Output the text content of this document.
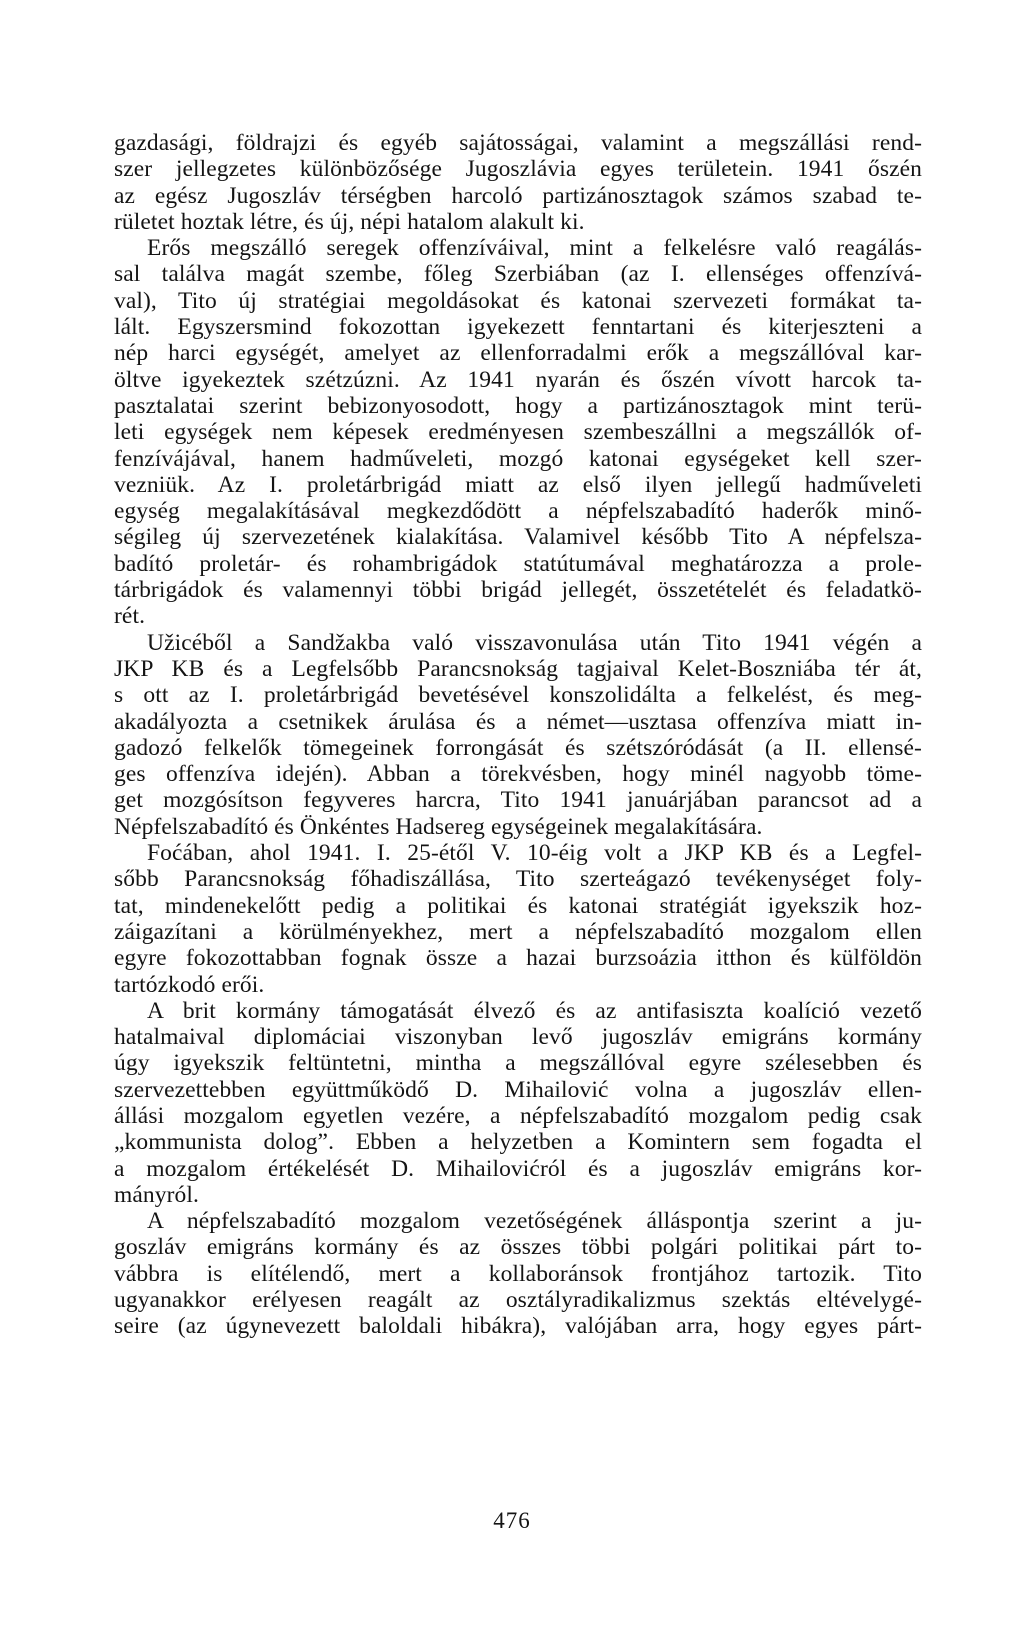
gazdasági, földrajzi és egyéb sajátosságai, valamint a megszállási rend-
szer jellegzetes különbözősége Jugoszlávia egyes területein. 1941 őszén
az egész Jugoszláv térségben harcoló partizánosztagok számos szabad te-
rületet hoztak létre, és új, népi hatalom alakult ki.
Erős megszálló seregek offenzíváival, mint a felkelésre való reagálás-
sal találva magát szembe, főleg Szerbiában (az I. ellenséges offenzívá-
val), Tito új stratégiai megoldásokat és katonai szervezeti formákat ta-
lált. Egyszersmind fokozottan igyekezett fenntartani és kiterjeszteni a
nép harci egységét, amelyet az ellenforradalmi erők a megszállóval kar-
öltve igyekeztek szétzúzni. Az 1941 nyarán és őszén vívott harcok ta-
pasztalatai szerint bebizonyosodott, hogy a partizánosztagok mint terü-
leti egységek nem képesek eredményesen szembeszállni a megszállók of-
fenzívájával, hanem hadműveleti, mozgó katonai egységeket kell szer-
vezniük. Az I. proletárbrigád miatt az első ilyen jellegű hadműveleti
egység megalakításával megkezdődött a népfelszabadító haderők minő-
ségileg új szervezetének kialakítása. Valamivel később Tito A népfelsza-
badító proletár- és rohambrigádok statútumával meghatározza a prole-
tárbrigádok és valamennyi többi brigád jellegét, összetételét és feladatkö-
rét.
Užicéből a Sandžakba való visszavonulása után Tito 1941 végén a
JKP KB és a Legfelsőbb Parancsnokság tagjaival Kelet-Boszniába tér át,
s ott az I. proletárbrigád bevetésével konszolidálta a felkelést, és meg-
akadályozta a csetnikek árulása és a német—usztasa offenzíva miatt in-
gadozó felkelők tömegeinek forrongását és szétszóródását (a II. ellensé-
ges offenzíva idején). Abban a törekvésben, hogy minél nagyobb töme-
get mozgósítson fegyveres harcra, Tito 1941 januárjában parancsot ad a
Népfelszabadító és Önkéntes Hadsereg egységeinek megalakítására.
Foćában, ahol 1941. I. 25-étől V. 10-éig volt a JKP KB és a Legfel-
sőbb Parancsnokság főhadiszállása, Tito szerteágazó tevékenységet foly-
tat, mindenekelőtt pedig a politikai és katonai stratégiát igyekszik hoz-
záigazítani a körülményekhez, mert a népfelszabadító mozgalom ellen
egyre fokozottabban fognak össze a hazai burzsoázia itthon és külföldön
tartózkodó erői.
A brit kormány támogatását élvező és az antifasiszta koalíció vezető
hatalmaival diplomáciai viszonyban levő jugoszláv emigráns kormány
úgy igyekszik feltüntetni, mintha a megszállóval egyre szélesebben és
szervezettebben együttműködő D. Mihailović volna a jugoszláv ellen-
állási mozgalom egyetlen vezére, a népfelszabadító mozgalom pedig csak
„kommunista dolog”. Ebben a helyzetben a Komintern sem fogadta el
a mozgalom értékelését D. Mihailovićról és a jugoszláv emigráns kor-
mányról.
A népfelszabadító mozgalom vezetőségének álláspontja szerint a ju-
goszláv emigráns kormány és az összes többi polgári politikai párt to-
vábbra is elítélendő, mert a kollaboránsok frontjához tartozik. Tito
ugyanakkor erélyesen reagált az osztályradikalizmus szektás eltévelygé-
seire (az úgynevezett baloldali hibákra), valójában arra, hogy egyes párt-
476
